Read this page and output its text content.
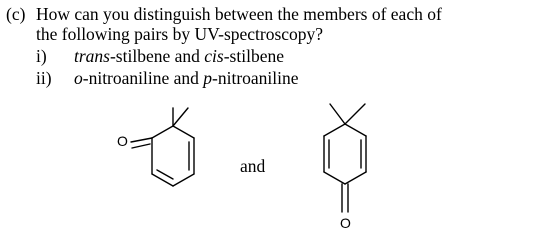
(c) How can you distinguish between the members of each of
the following pairs by UV-spectroscopy?
i) trans-stilbene and cis-stilbene
ii) o-nitroaniline and p-nitroaniline
O
and
O
